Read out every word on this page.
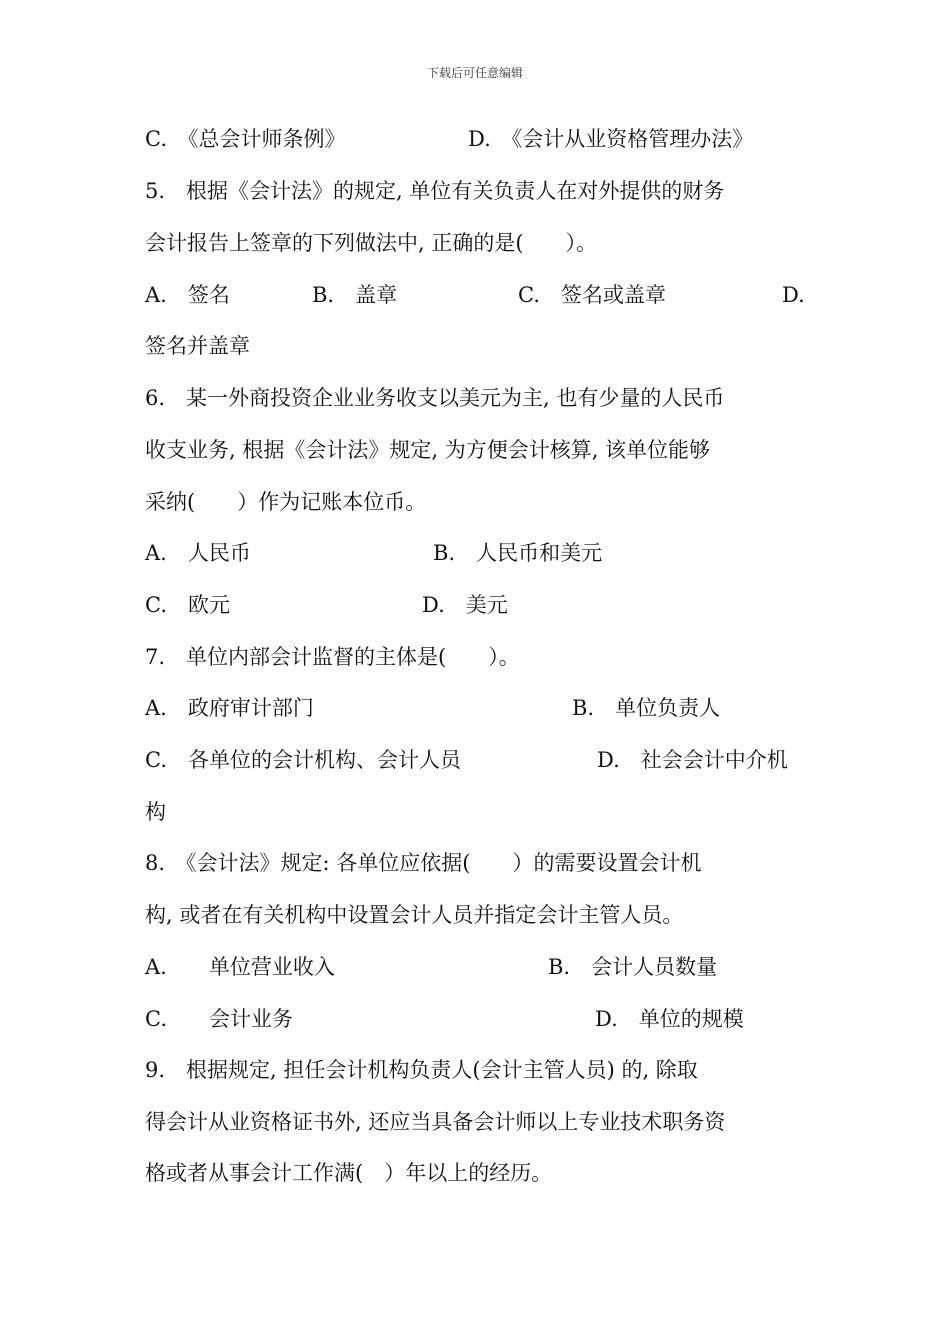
下载后可任意编辑
C.　《总会计师条例》	D.　《会计从业资格管理办法》
5.　根据《会计法》的规定, 单位有关负责人在对外提供的财务
会计报告上签章的下列做法中, 正确的是(　　）。
A.　签名	B.　盖章	C.　签名或盖章	D.
签名并盖章
6.　某一外商投资企业业务收支以美元为主, 也有少量的人民币
收支业务, 根据《会计法》规定, 为方便会计核算, 该单位能够
采纳(　　）作为记账本位币。
A.　人民币	B.　人民币和美元
C.　欧元	D.　美元
7.　单位内部会计监督的主体是(　　）。
A.　政府审计部门	B.　单位负责人
C.　各单位的会计机构、会计人员	D.　社会会计中介机
构
8.　《会计法》规定: 各单位应依据(　　）的需要设置会计机
构, 或者在有关机构中设置会计人员并指定会计主管人员。
A.　　单位营业收入	B.　会计人员数量
C.　　会计业务	D.　单位的规模
9.　根据规定, 担任会计机构负责人(会计主管人员) 的, 除取
得会计从业资格证书外, 还应当具备会计师以上专业技术职务资
格或者从事会计工作满(　）年以上的经历。
